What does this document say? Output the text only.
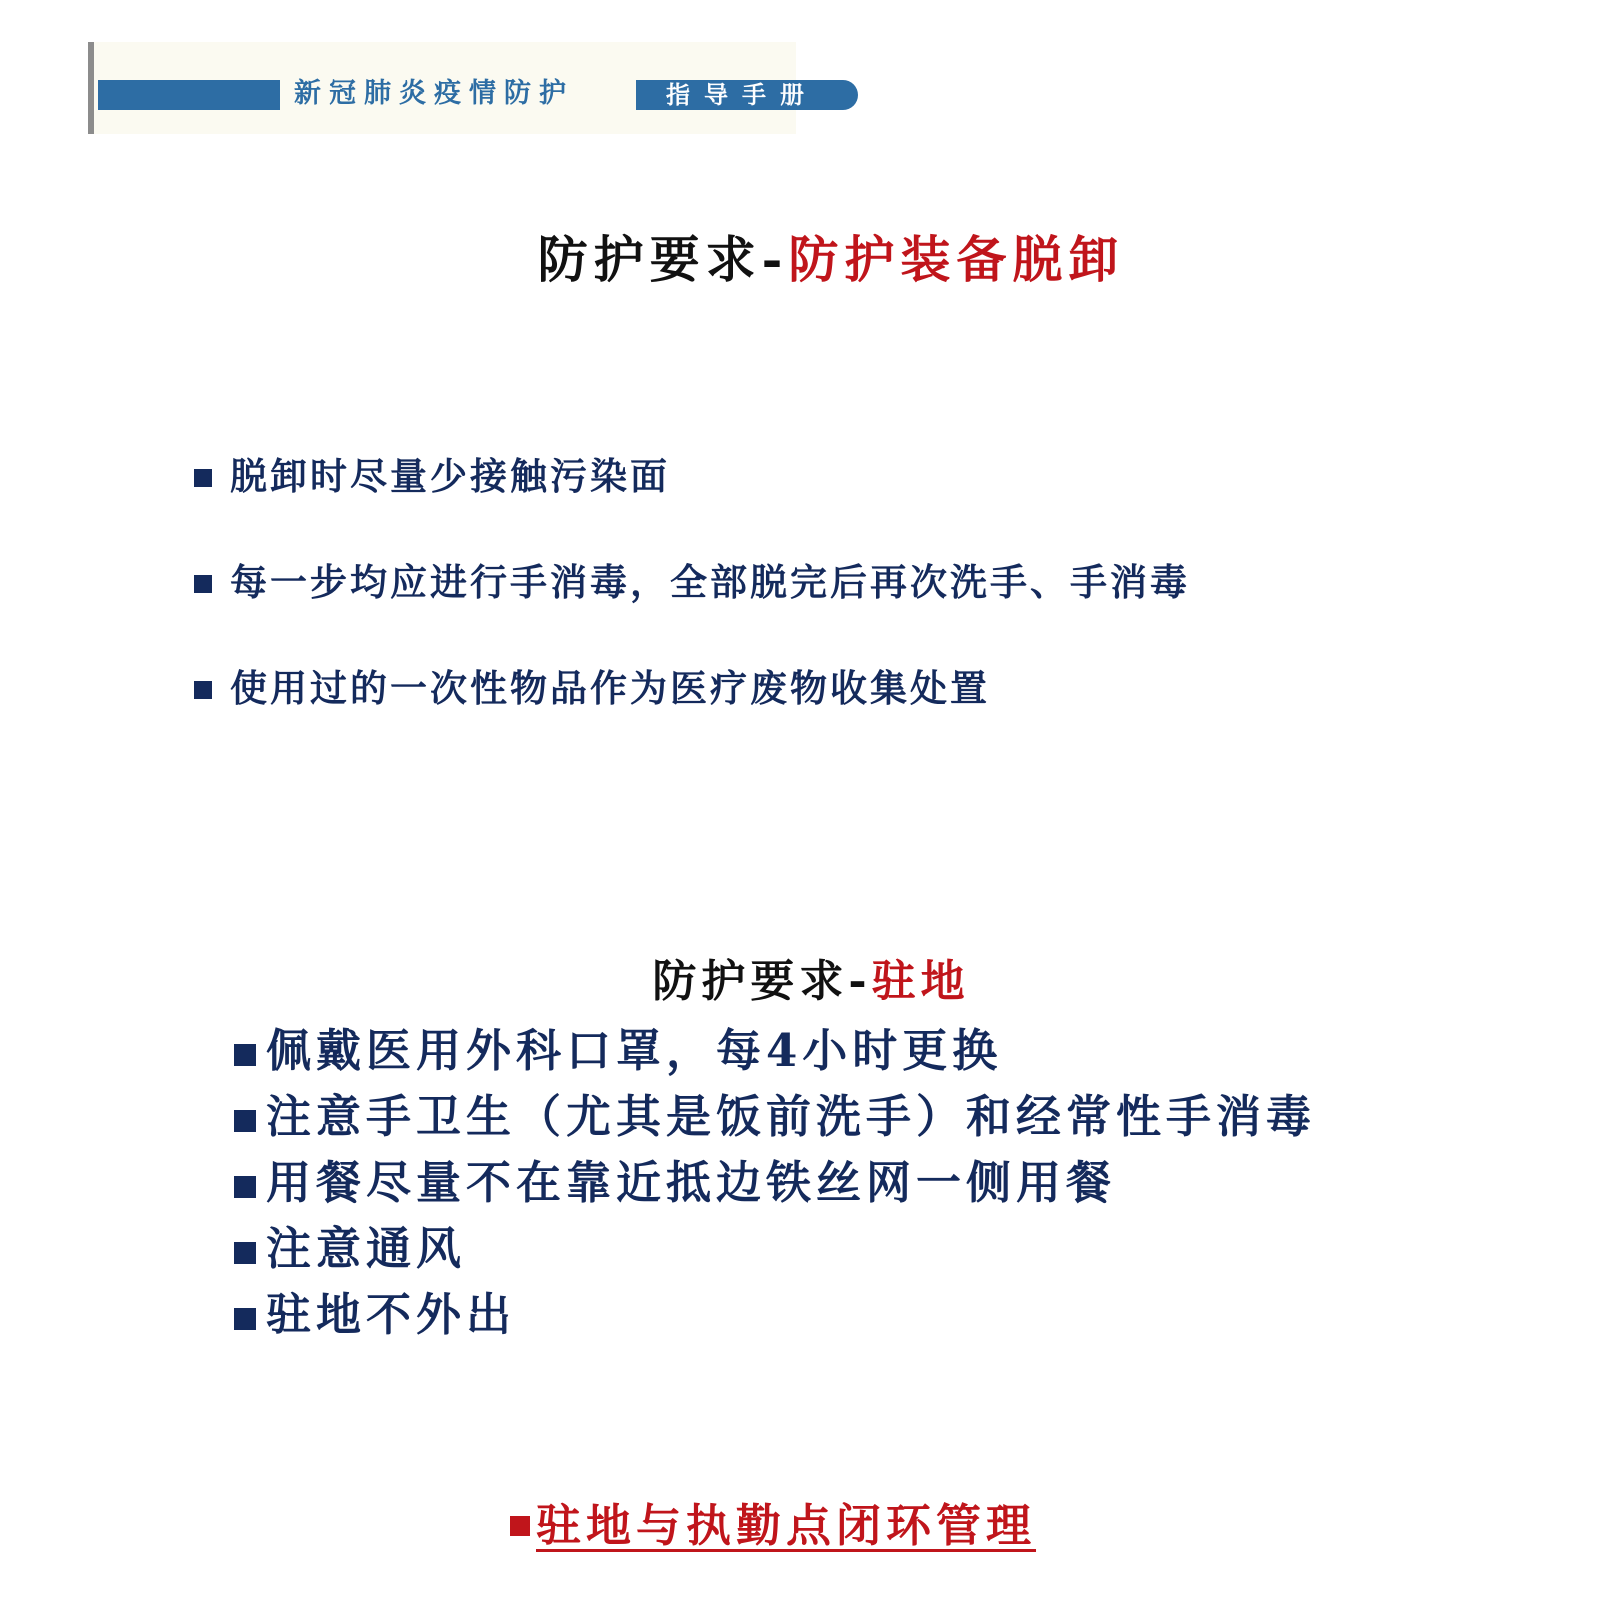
新冠肺炎疫情防护	指导手册
防护要求-防护装备脱卸
脱卸时尽量少接触污染面
每一步均应进行手消毒，全部脱完后再次洗手、手消毒
使用过的一次性物品作为医疗废物收集处置
防护要求-驻地
佩戴医用外科口罩，每4小时更换
注意手卫生（尤其是饭前洗手）和经常性手消毒
用餐尽量不在靠近抵边铁丝网一侧用餐
注意通风
驻地不外出
驻地与执勤点闭环管理
